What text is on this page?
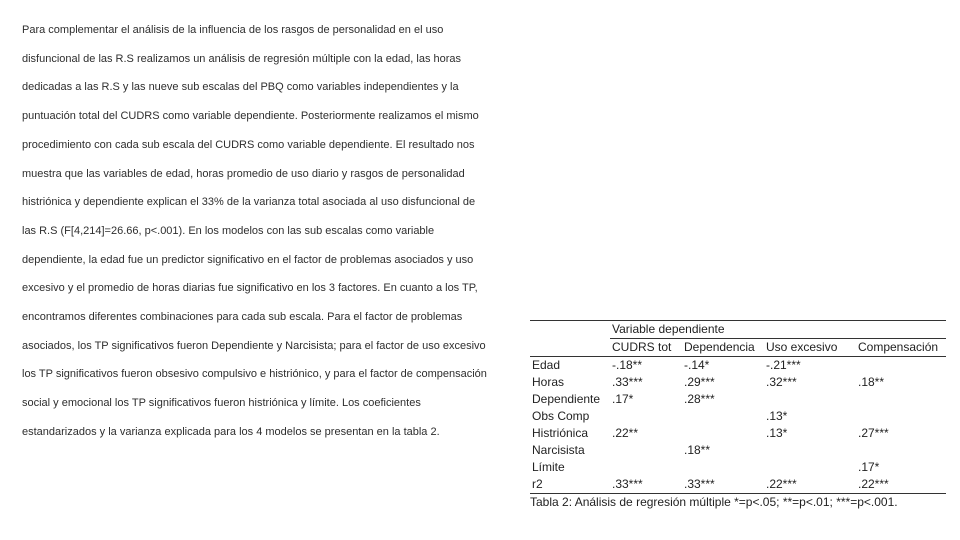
Para complementar el análisis de la influencia de los rasgos de personalidad en el uso
disfuncional de las R.S realizamos un análisis de regresión múltiple con la edad, las horas
dedicadas a las R.S y las nueve sub escalas del PBQ como variables independientes y la
puntuación total del CUDRS como variable dependiente. Posteriormente realizamos el mismo
procedimiento con cada sub escala del CUDRS como variable dependiente. El resultado nos
muestra que las variables de edad, horas promedio de uso diario y rasgos de personalidad
histriónica y dependiente explican el 33% de la varianza total asociada al uso disfuncional de
las R.S (F[4,214]=26.66, p<.001). En los modelos con las sub escalas como variable
dependiente, la edad fue un predictor significativo en el factor de problemas asociados y uso
excesivo y el promedio de horas diarias fue significativo en los 3 factores. En cuanto a los TP,
encontramos diferentes combinaciones para cada sub escala. Para el factor de problemas
asociados, los TP significativos fueron Dependiente y Narcisista; para el factor de uso excesivo
los TP significativos fueron obsesivo compulsivo e histriónico, y para el factor de compensación
social y emocional los TP significativos fueron histriónica y límite. Los coeficientes
estandarizados y la varianza explicada para los 4 modelos se presentan en la tabla 2.
	Variable dependiente			
	CUDRS tot	Dependencia	Uso excesivo	Compensación
Edad	-.18**	-.14*	-.21***	
Horas	.33***	.29***	.32***	.18**
Dependiente	.17*	.28***		
Obs Comp			.13*	
Histriónica	.22**		.13*	.27***
Narcisista		.18**		
Límite				.17*
r2	.33***	.33***	.22***	.22***
Tabla 2: Análisis de regresión múltiple *=p<.05; **=p<.01; ***=p<.001.
